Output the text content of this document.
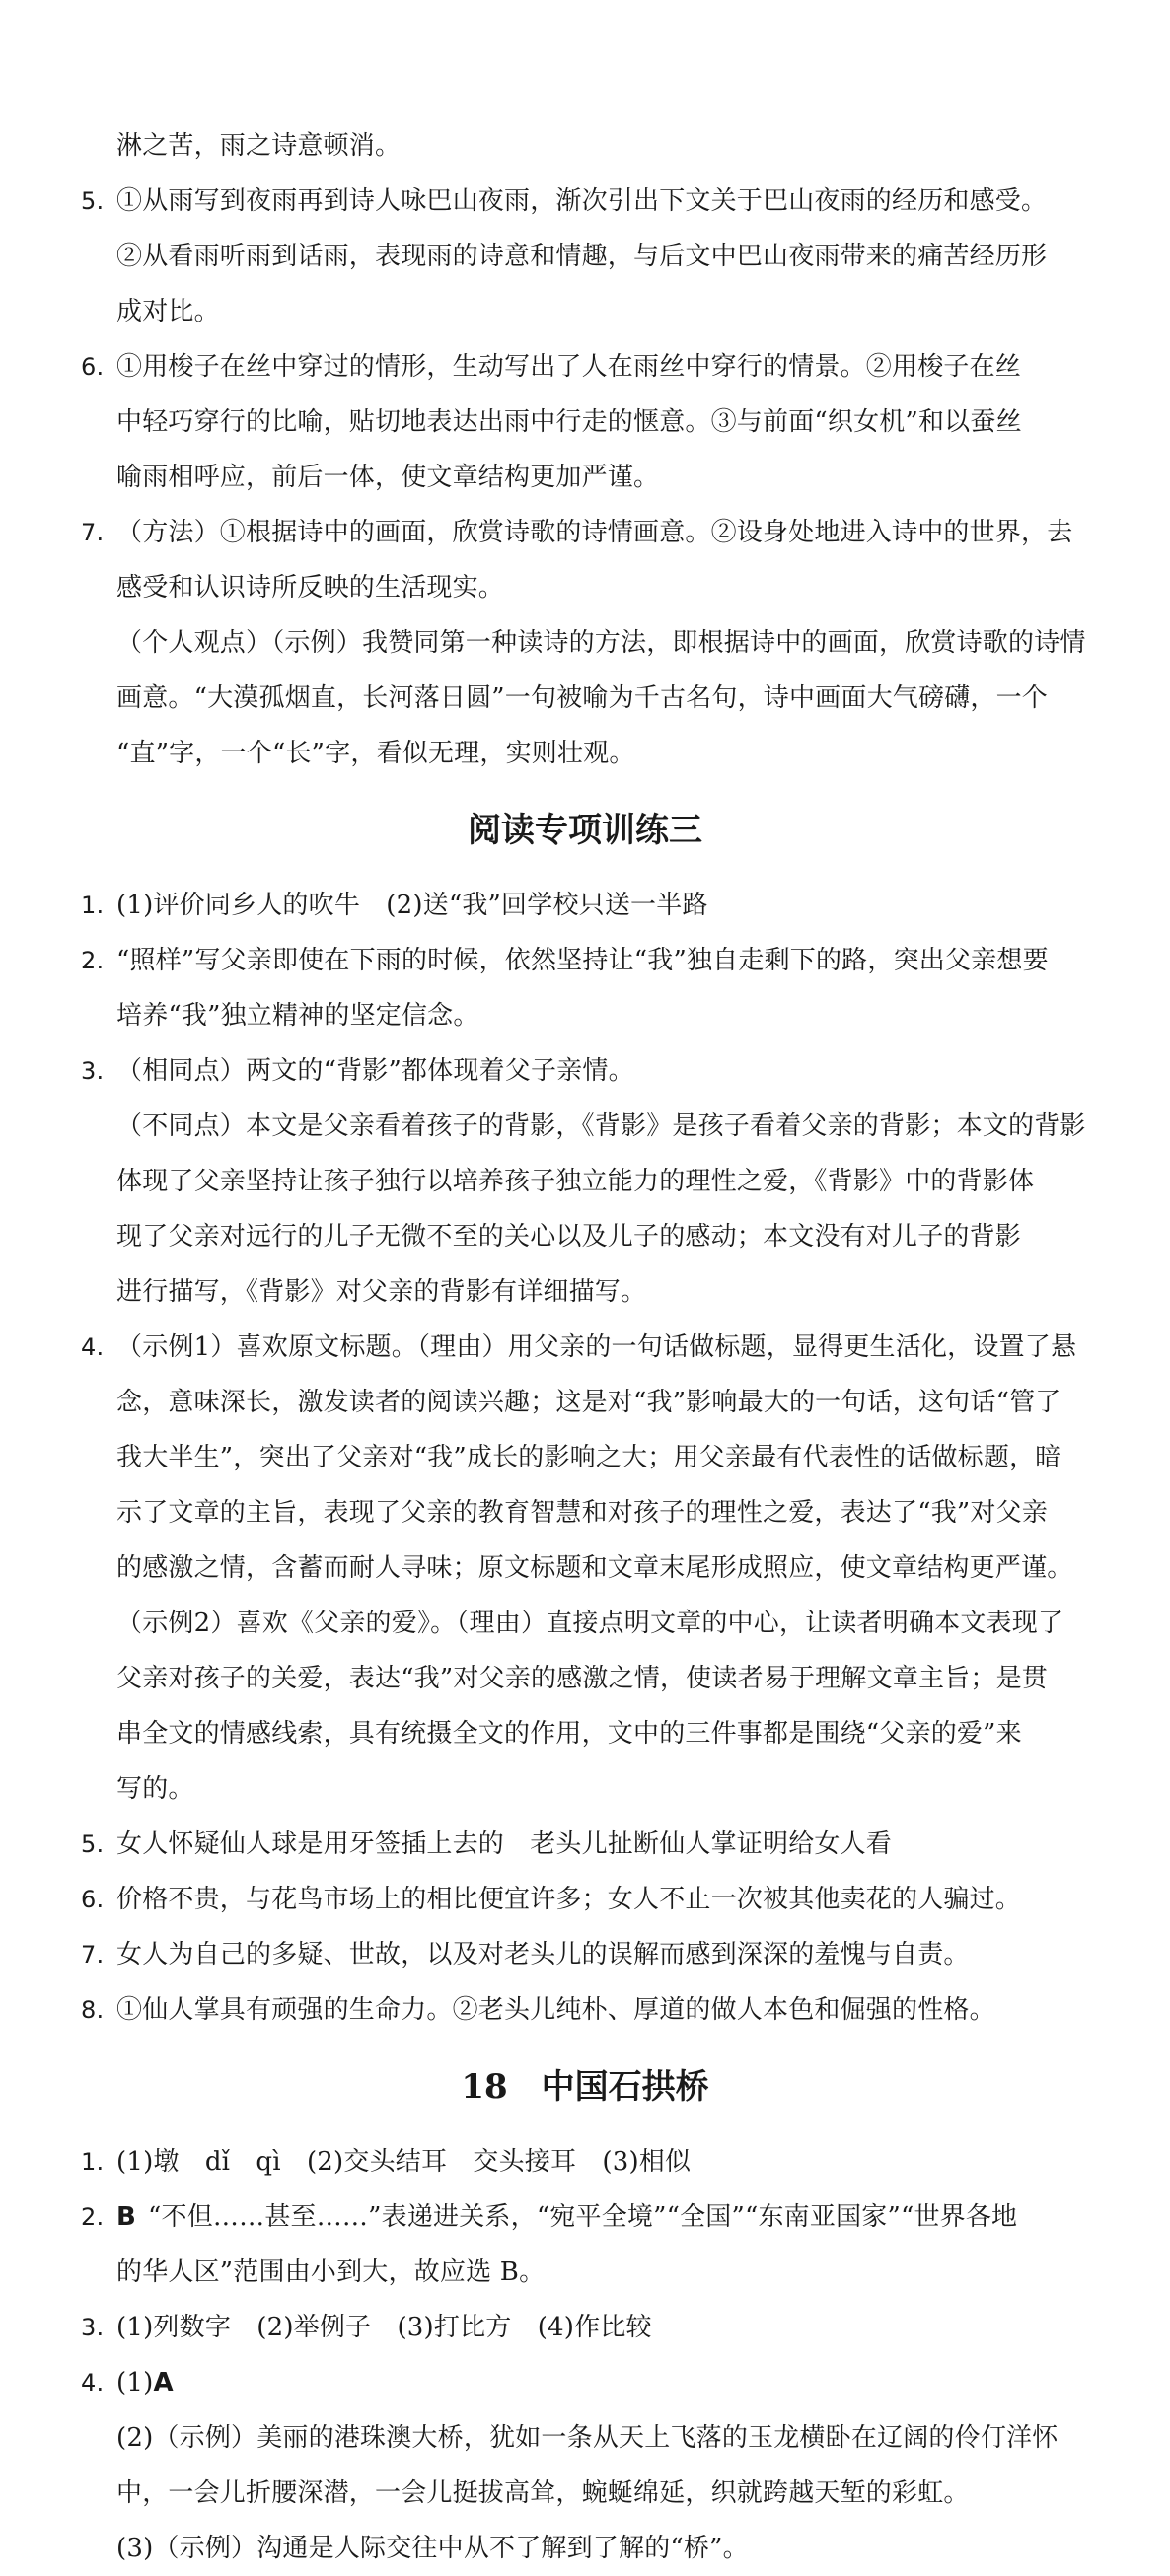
淋之苦，雨之诗意顿消。
5. ①从雨写到夜雨再到诗人咏巴山夜雨，渐次引出下文关于巴山夜雨的经历和感受。
②从看雨听雨到话雨，表现雨的诗意和情趣，与后文中巴山夜雨带来的痛苦经历形
成对比。
6. ①用梭子在丝中穿过的情形，生动写出了人在雨丝中穿行的情景。②用梭子在丝
中轻巧穿行的比喻，贴切地表达出雨中行走的惬意。③与前面“织女机”和以蚕丝
喻雨相呼应，前后一体，使文章结构更加严谨。
7. （方法）①根据诗中的画面，欣赏诗歌的诗情画意。②设身处地进入诗中的世界，去
感受和认识诗所反映的生活现实。
（个人观点）（示例）我赞同第一种读诗的方法，即根据诗中的画面，欣赏诗歌的诗情
画意。“大漠孤烟直，长河落日圆”一句被喻为千古名句，诗中画面大气磅礴，一个
“直”字，一个“长”字，看似无理，实则壮观。
阅读专项训练三
1. (1)评价同乡人的吹牛　(2)送“我”回学校只送一半路
2. “照样”写父亲即使在下雨的时候，依然坚持让“我”独自走剩下的路，突出父亲想要
培养“我”独立精神的坚定信念。
3. （相同点）两文的“背影”都体现着父子亲情。
（不同点）本文是父亲看着孩子的背影，《背影》是孩子看着父亲的背影；本文的背影
体现了父亲坚持让孩子独行以培养孩子独立能力的理性之爱，《背影》中的背影体
现了父亲对远行的儿子无微不至的关心以及儿子的感动；本文没有对儿子的背影
进行描写，《背影》对父亲的背影有详细描写。
4. （示例1）喜欢原文标题。（理由）用父亲的一句话做标题，显得更生活化，设置了悬
念，意味深长，激发读者的阅读兴趣；这是对“我”影响最大的一句话，这句话“管了
我大半生”，突出了父亲对“我”成长的影响之大；用父亲最有代表性的话做标题，暗
示了文章的主旨，表现了父亲的教育智慧和对孩子的理性之爱，表达了“我”对父亲
的感激之情，含蓄而耐人寻味；原文标题和文章末尾形成照应，使文章结构更严谨。
（示例2）喜欢《父亲的爱》。（理由）直接点明文章的中心，让读者明确本文表现了
父亲对孩子的关爱，表达“我”对父亲的感激之情，使读者易于理解文章主旨；是贯
串全文的情感线索，具有统摄全文的作用，文中的三件事都是围绕“父亲的爱”来
写的。
5. 女人怀疑仙人球是用牙签插上去的　老头儿扯断仙人掌证明给女人看
6. 价格不贵，与花鸟市场上的相比便宜许多；女人不止一次被其他卖花的人骗过。
7. 女人为自己的多疑、世故，以及对老头儿的误解而感到深深的羞愧与自责。
8. ①仙人掌具有顽强的生命力。②老头儿纯朴、厚道的做人本色和倔强的性格。
18　中国石拱桥
1. (1)墩　dǐ　qì　(2)交头结耳　交头接耳　(3)相似
2. B “不但……甚至……”表递进关系，“宛平全境”“全国”“东南亚国家”“世界各地
的华人区”范围由小到大，故应选 B。
3. (1)列数字　(2)举例子　(3)打比方　(4)作比较
4. (1)A
(2)（示例）美丽的港珠澳大桥，犹如一条从天上飞落的玉龙横卧在辽阔的伶仃洋怀
中，一会儿折腰深潜，一会儿挺拔高耸，蜿蜒绵延，织就跨越天堑的彩虹。
(3)（示例）沟通是人际交往中从不了解到了解的“桥”。
